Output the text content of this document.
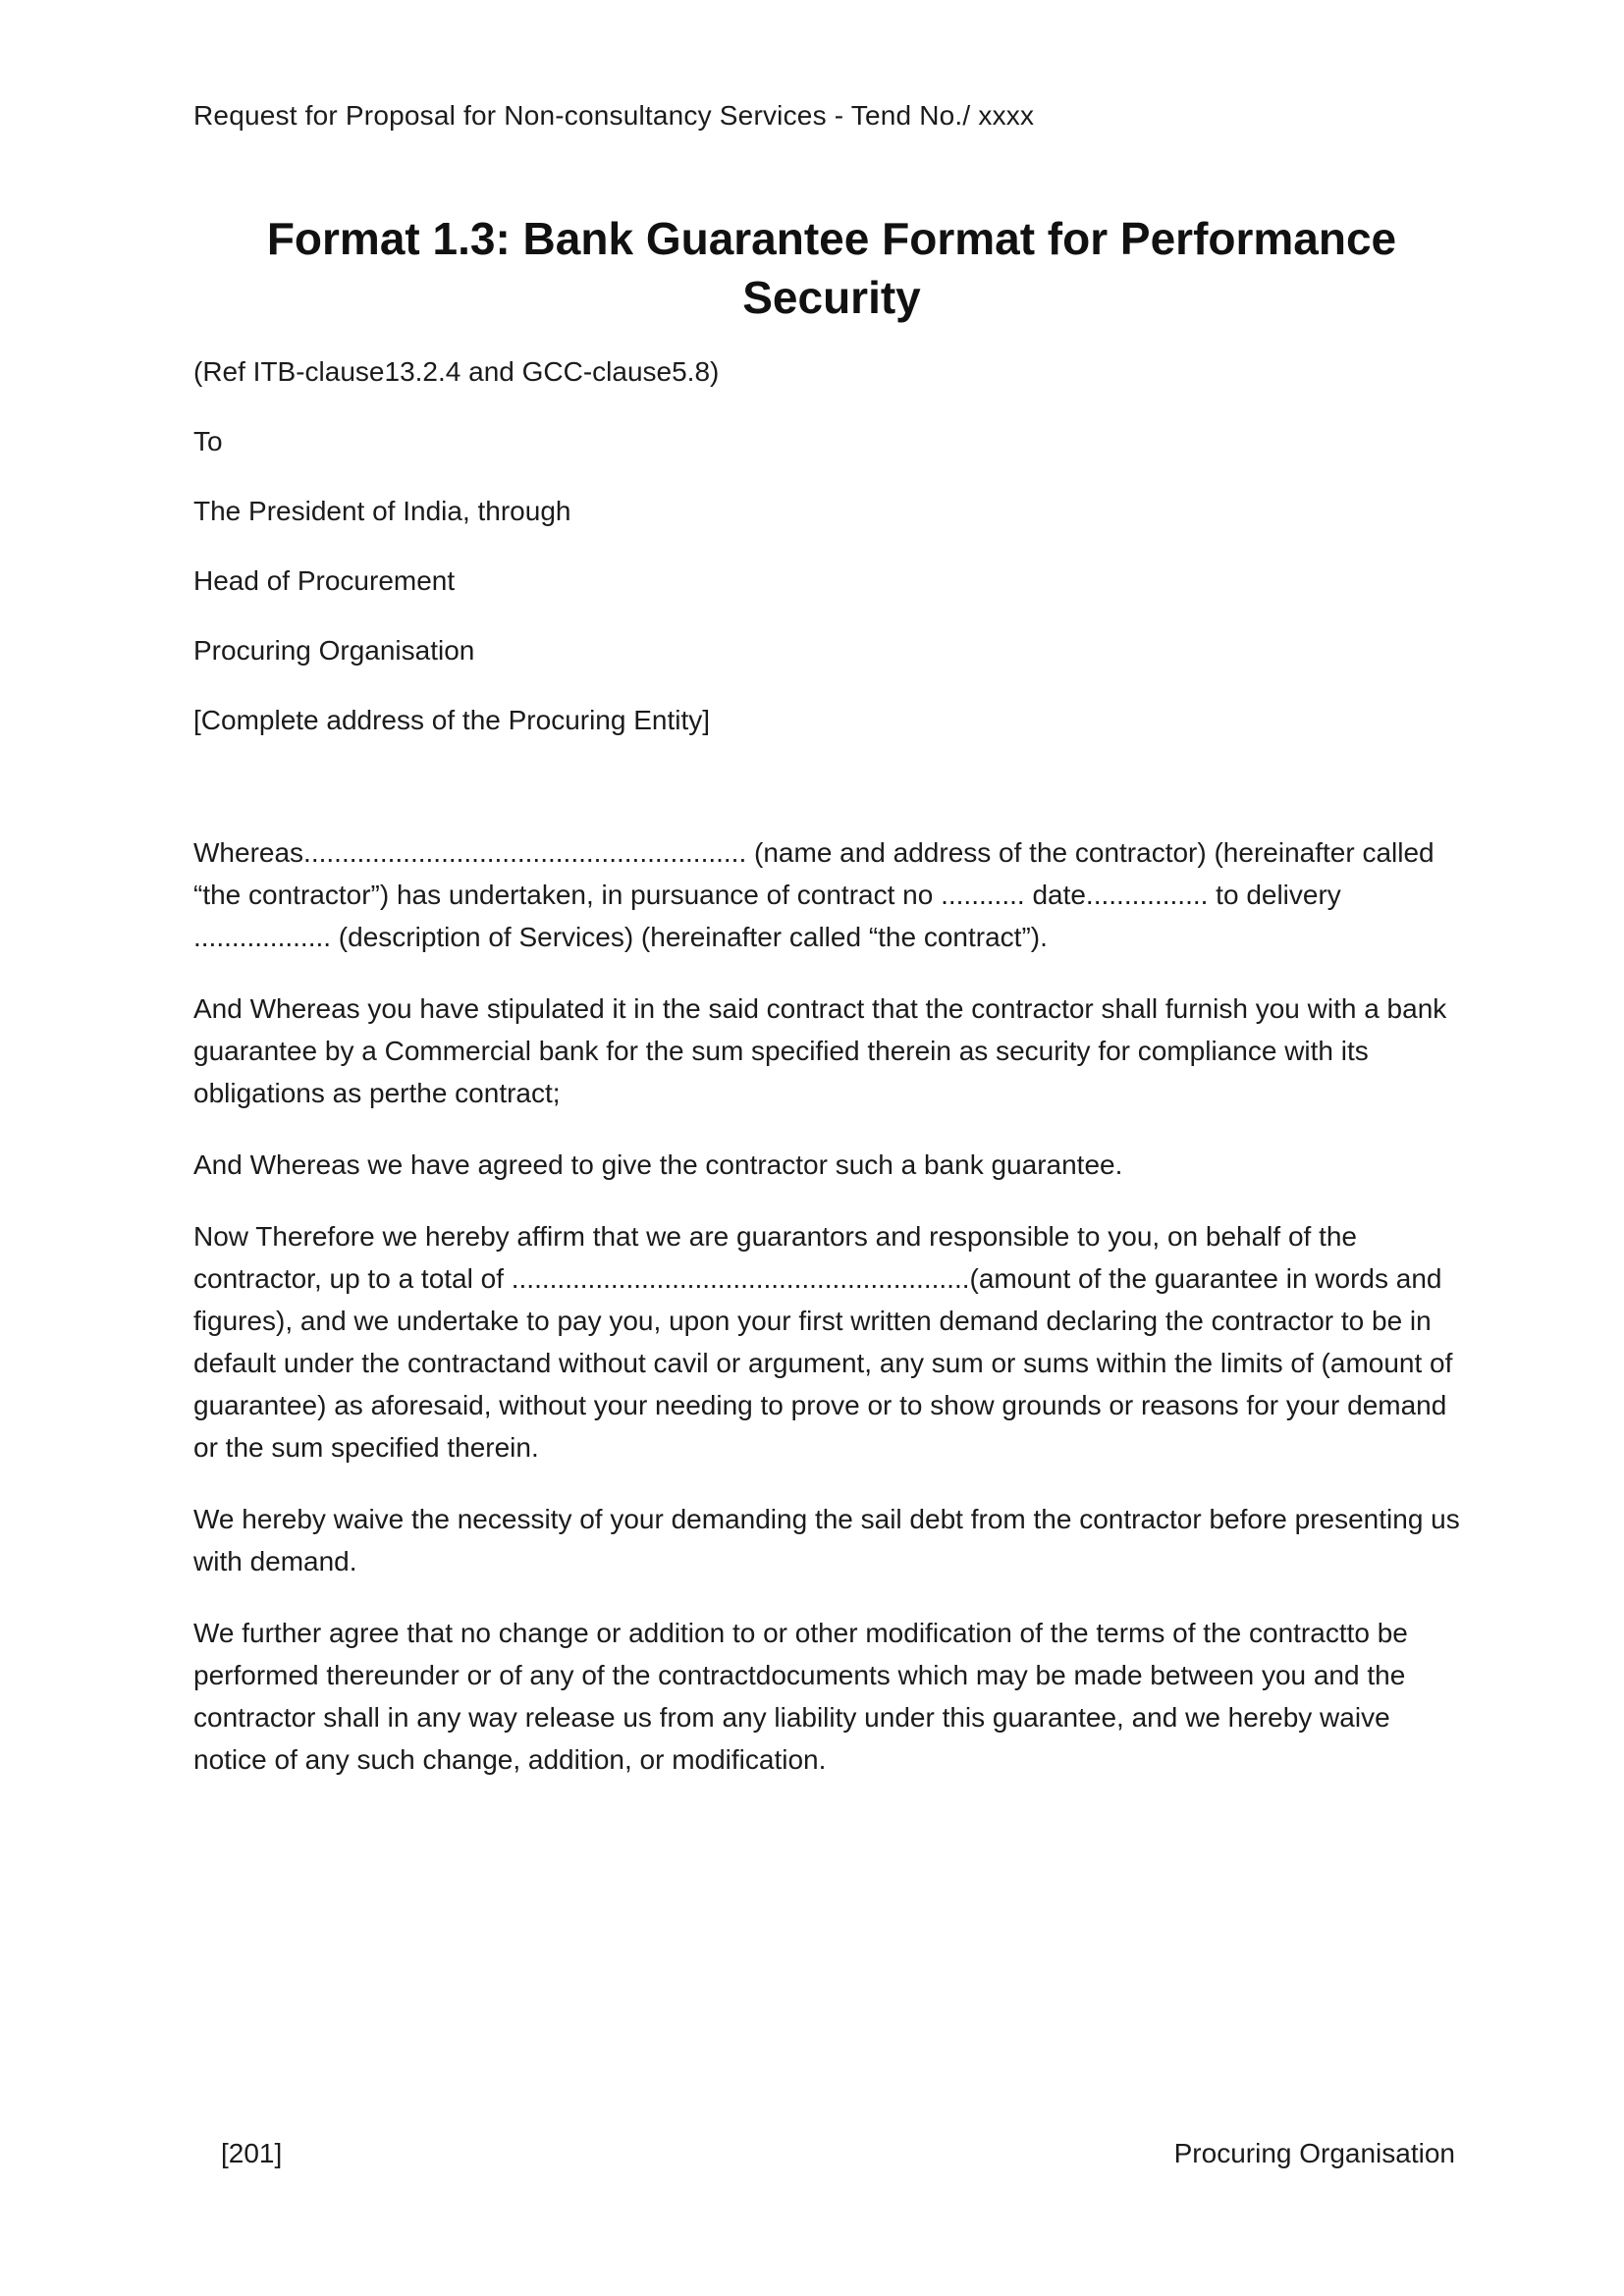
Request for Proposal for Non-consultancy Services - Tend No./ xxxx
Format 1.3: Bank Guarantee Format for Performance Security
(Ref ITB-clause13.2.4 and GCC-clause5.8)
To
The President of India, through
Head of Procurement
Procuring Organisation
[Complete address of the Procuring Entity]
Whereas.......................................................... (name and address of the contractor) (hereinafter called “the contractor”) has undertaken, in pursuance of contract no ........... date................ to delivery .................. (description of Services) (hereinafter called “the contract”).
And Whereas you have stipulated it in the said contract that the contractor shall furnish you with a bank guarantee by a Commercial bank for the sum specified therein as security for compliance with its obligations as perthe contract;
And Whereas we have agreed to give the contractor such a bank guarantee.
Now Therefore we hereby affirm that we are guarantors and responsible to you, on behalf of the contractor, up to a total of ............................................................(amount of the guarantee in words and figures), and we undertake to pay you, upon your first written demand declaring the contractor to be in default under the contractand without cavil or argument, any sum or sums within the limits of (amount of guarantee) as aforesaid, without your needing to prove or to show grounds or reasons for your demand or the sum specified therein.
We hereby waive the necessity of your demanding the sail debt from the contractor before presenting us with demand.
We further agree that no change or addition to or other modification of the terms of the contractto be performed thereunder or of any of the contractdocuments which may be made between you and the contractor shall in any way release us from any liability under this guarantee, and we hereby waive notice of any such change, addition, or modification.
[201]	Procuring Organisation
